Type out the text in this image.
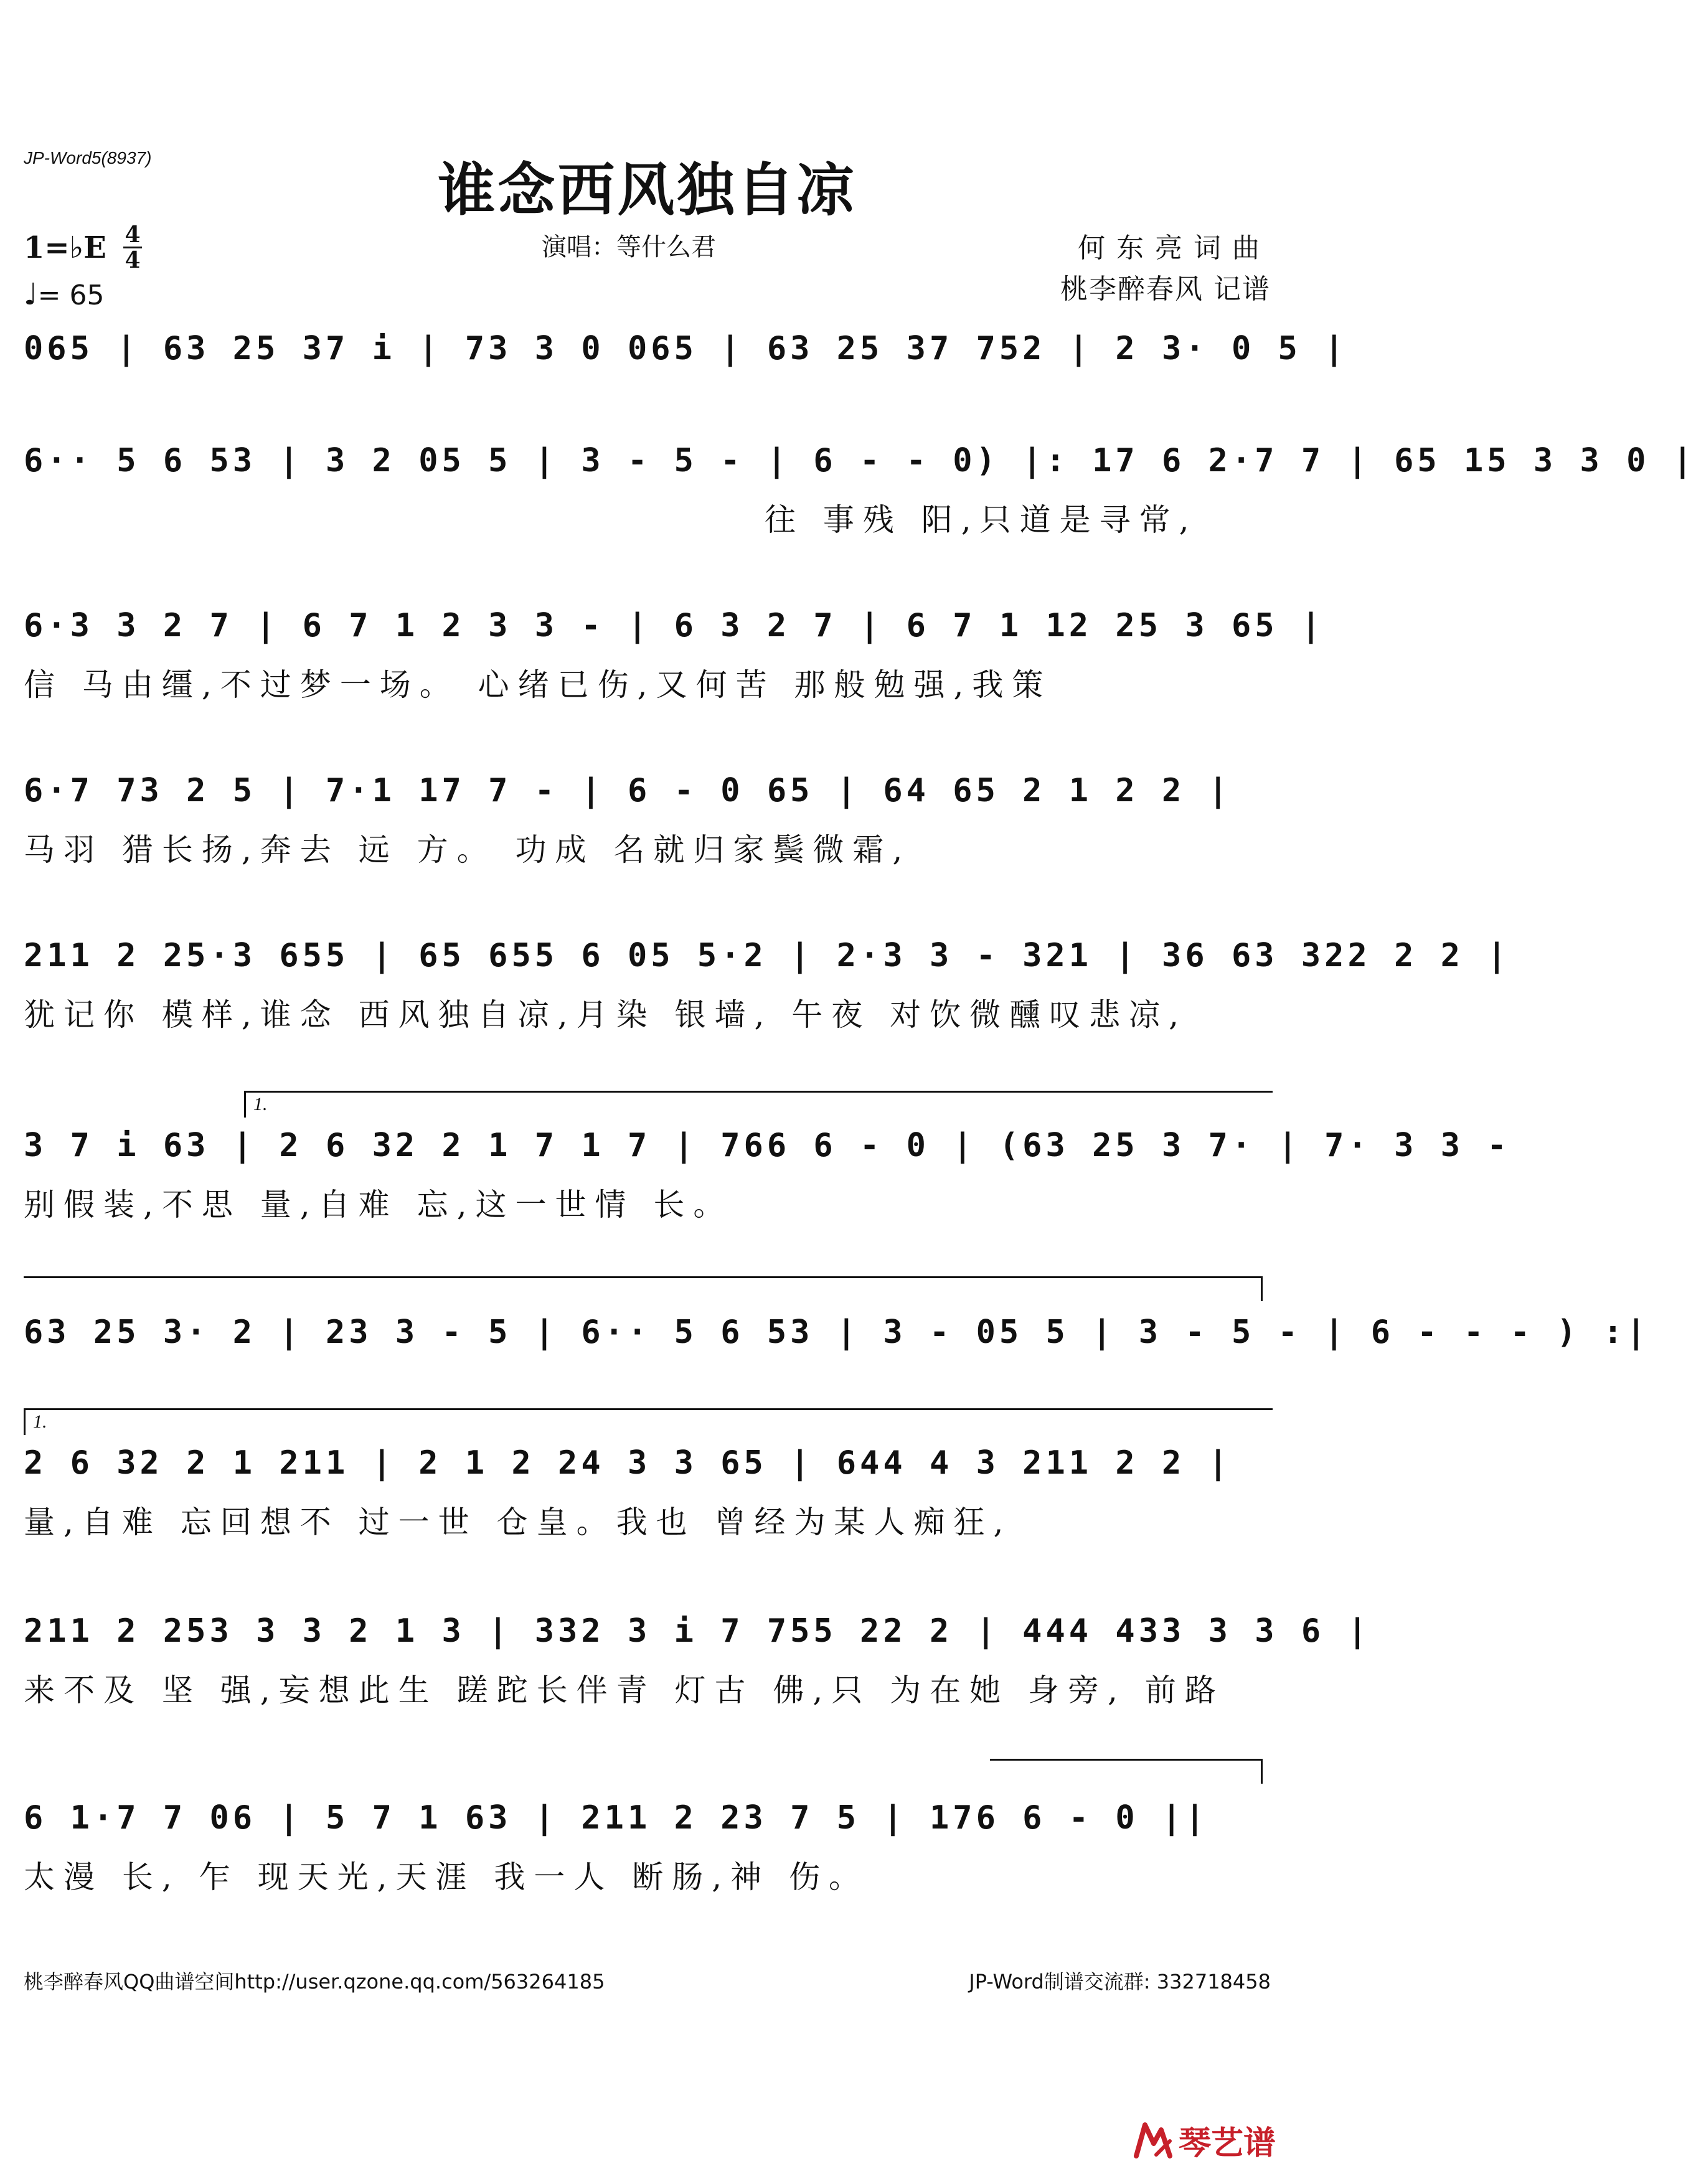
JP-Word5(8937)	谁念西风独自凉
演唱：等什么君	何东亮词曲
桃李醉春风 记谱
1=♭E 4
4
♩= 65
065 | 63 25 37 i | 73 3 0 065 | 63 25 37 752 | 2 3· 0 5 |
6·· 5 6 53 | 3 2 05 5 | 3 - 5 - | 6 - - 0) |: 17 6 2·7 7 | 65 15 3 3 0 |
往 事残 阳,只道是寻常,
6·3 3 2 7 | 6 7 1 2 3 3 - | 6 3 2 7 | 6 7 1 12 25 3 65 |
信 马由缰,不过梦一场。 心绪已伤,又何苦 那般勉强,我策
6·7 73 2 5 | 7·1 17 7 - | 6 - 0 65 | 64 65 2 1 2 2 |
马羽 猎长扬,奔去 远 方。 功成 名就归家鬓微霜,
211 2 25·3 655 | 65 655 6 05 5·2 | 2·3 3 - 321 | 36 63 322 2 2 |
犹记你 模样,谁念 西风独自凉,月染 银墙, 午夜 对饮微醺叹悲凉,
1.
3 7 i 63 | 2 6 32 2 1 7 1 7 | 766 6 - 0 | (63 25 3 7· | 7· 3 3 -
别假装,不思 量,自难 忘,这一世情 长。
63 25 3· 2 | 23 3 - 5 | 6·· 5 6 53 | 3 - 05 5 | 3 - 5 - | 6 - - - ) :|
1.
2 6 32 2 1 211 | 2 1 2 24 3 3 65 | 644 4 3 211 2 2 |
量,自难 忘回想不 过一世 仓皇。我也 曾经为某人痴狂,
211 2 253 3 3 2 1 3 | 332 3 i 7 755 22 2 | 444 433 3 3 6 |
来不及 坚 强,妄想此生 蹉跎长伴青 灯古 佛,只 为在她 身旁, 前路
6 1·7 7 06 | 5 7 1 63 | 211 2 23 7 5 | 176 6 - 0 ||
太漫 长, 乍 现天光,天涯 我一人 断肠,神 伤。
桃李醉春风QQ曲谱空间http://user.qzone.qq.com/563264185	JP-Word制谱交流群: 332718458
琴艺谱
